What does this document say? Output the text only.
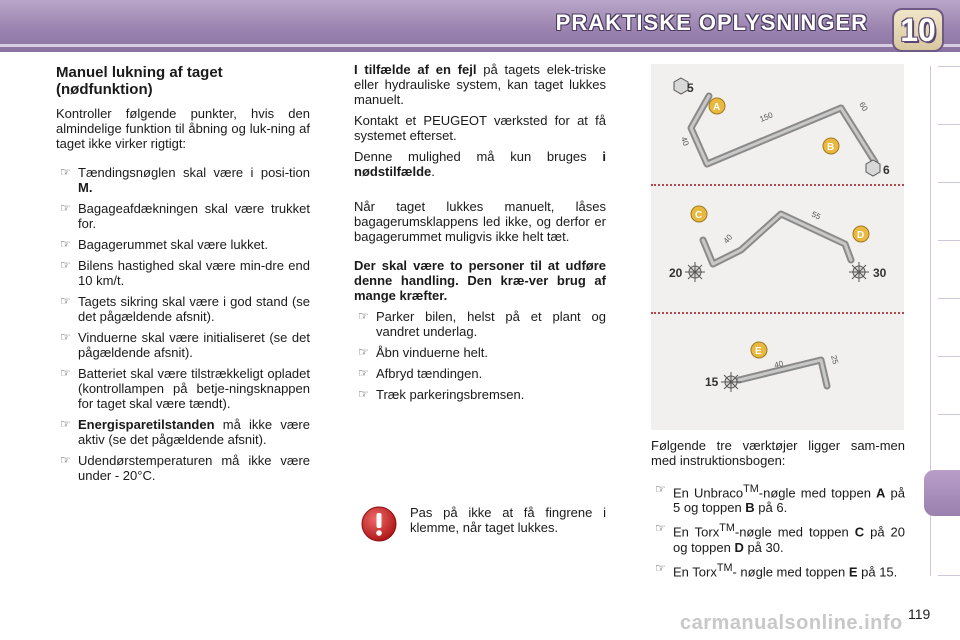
PRAKTISKE OPLYSNINGER 10
Manuel lukning af taget
(nødfunktion)

Kontroller følgende punkter, hvis den almindelige funktion til åbning og luk-ning af taget ikke virker rigtigt:

☞ Tændingsnøglen skal være i posi-tion M.
☞ Bagageafdækningen skal være trukket for.
☞ Bagagerummet skal være lukket.
☞ Bilens hastighed skal være min-dre end 10 km/t.
☞ Tagets sikring skal være i god stand (se det pågældende afsnit).
☞ Vinduerne skal være initialiseret (se det pågældende afsnit).
☞ Batteriet skal være tilstrækkeligt opladet (kontrollampen på betje-ningsknappen for taget skal være tændt).
☞ Energisparetilstanden må ikke være aktiv (se det pågældende afsnit).
☞ Udendørstemperaturen må ikke være under - 20°C.

I tilfælde af en fejl på tagets elek-triske eller hydrauliske system, kan taget lukkes manuelt.

Kontakt et PEUGEOT værksted for at få systemet efterset.

Denne mulighed må kun bruges i nødstilfælde.

Når taget lukkes manuelt, låses bagagerumsklappens led ikke, og derfor er bagagerummet muligvis ikke helt tæt.

Der skal være to personer til at udføre denne handling. Den kræ-ver brug af mange kræfter.

☞ Parker bilen, helst på et plant og vandret underlag.
☞ Åbn vinduerne helt.
☞ Afbryd tændingen.
☞ Træk parkeringsbremsen.

Pas på ikke at få fingrene i klemme, når taget lukkes.

5
6
A
B
40
150
60
C
D
20	30
40
55
E
15
40	25

Følgende tre værktøjer ligger sam-men med instruktionsbogen:

☞ En Unbraco™-nøgle med toppen A på 5 og toppen B på 6.
☞ En Torx™-nøgle med toppen C på 20 og toppen D på 30.
☞ En Torx™- nøgle med toppen E på 15.
119
carmanualsonline.info
